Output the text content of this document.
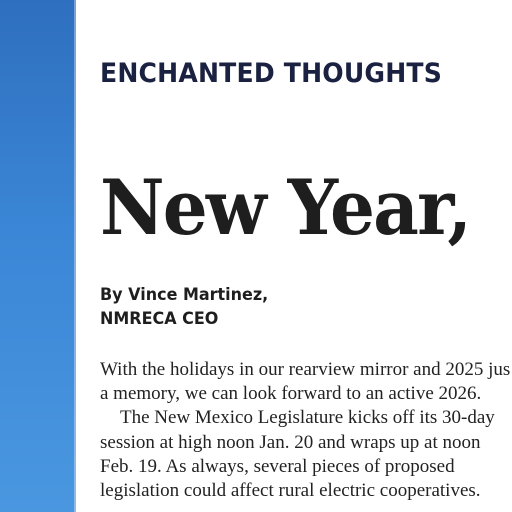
ENCHANTED THOUGHTS
New Year,
By Vince Martinez,
NMRECA CEO
With the holidays in our rearview mirror and 2025 jus
a memory, we can look forward to an active 2026.
The New Mexico Legislature kicks off its 30-day
session at high noon Jan. 20 and wraps up at noon
Feb. 19. As always, several pieces of proposed
legislation could affect rural electric cooperatives.
